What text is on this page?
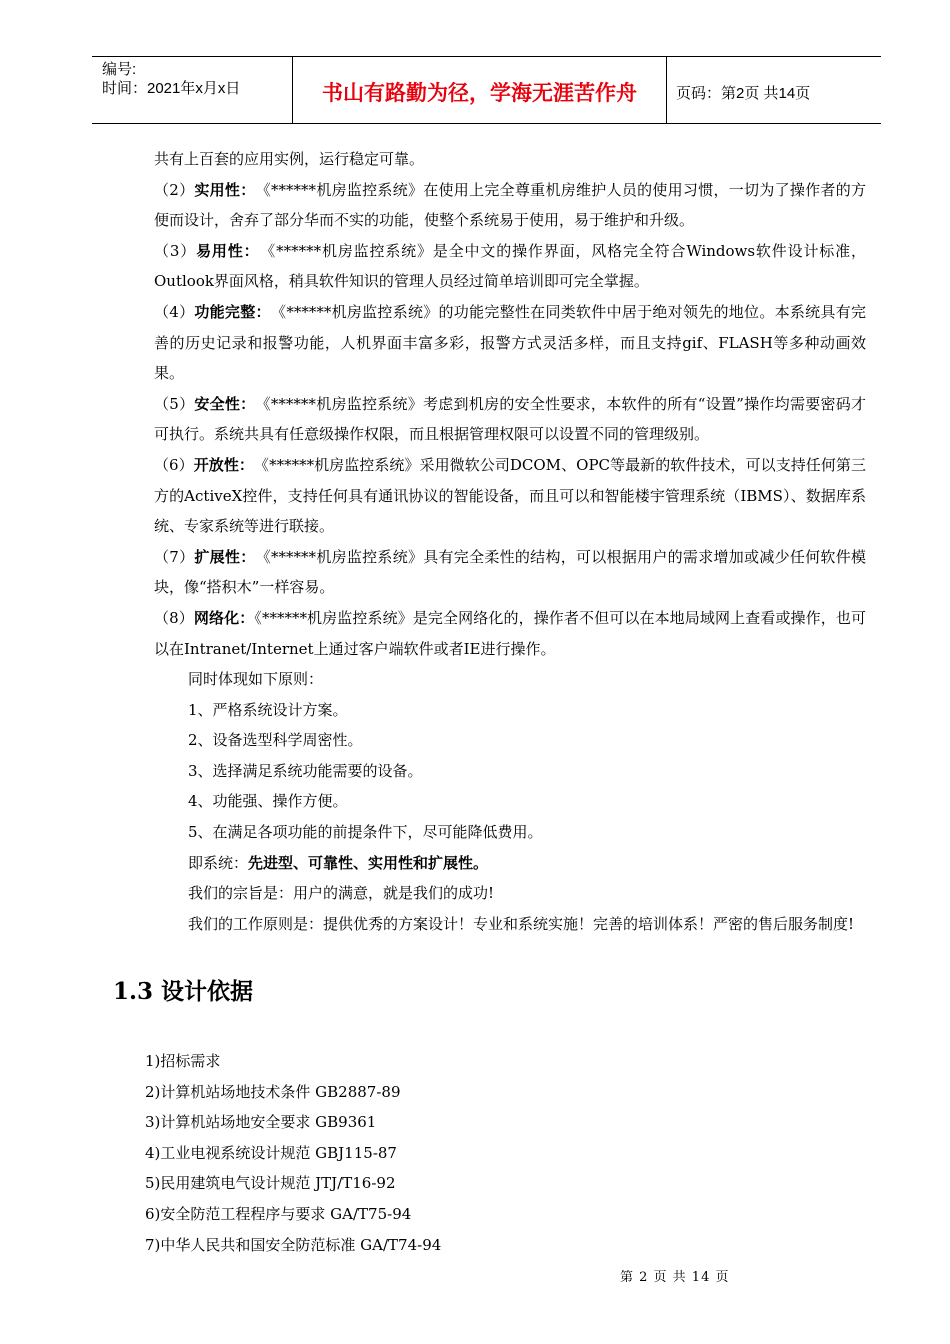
编号:
时间：2021年x月x日	书山有路勤为径，学海无涯苦作舟	页码：第2页 共14页

共有上百套的应用实例，运行稳定可靠。

（2）实用性：　 《******机房监控系统》在使用上完全尊重机房维护人员的使用习惯，一切为了操作者的方便而设计，舍弃了部分华而不实的功能，使整个系统易于使用，易于维护和升级。

（3）易用性：　 《******机房监控系统》是全中文的操作界面，风格完全符合Windows软件设计标准，Outlook界面风格，稍具软件知识的管理人员经过简单培训即可完全掌握。

（4）功能完整：　 《******机房监控系统》的功能完整性在同类软件中居于绝对领先的地位。本系统具有完善的历史记录和报警功能，人机界面丰富多彩，报警方式灵活多样，而且支持gif、FLASH等多种动画效果。

（5）安全性：　 《******机房监控系统》考虑到机房的安全性要求，本软件的所有“设置”操作均需要密码才可执行。系统共具有任意级操作权限，而且根据管理权限可以设置不同的管理级别。

（6）开放性：　 《******机房监控系统》采用微软公司DCOM、OPC等最新的软件技术，可以支持任何第三方的ActiveX控件，支持任何具有通讯协议的智能设备，而且可以和智能楼宇管理系统（IBMS）、数据库系统、专家系统等进行联接。

（7）扩展性：　 《******机房监控系统》具有完全柔性的结构，可以根据用户的需求增加或减少任何软件模块，像“搭积木”一样容易。

（8）网络化：《******机房监控系统》是完全网络化的，操作者不但可以在本地局域网上查看或操作，也可以在Intranet/Internet上通过客户端软件或者IE进行操作。

同时体现如下原则：

1、严格系统设计方案。

2、设备选型科学周密性。

3、选择满足系统功能需要的设备。

4、功能强、操作方便。

5、在满足各项功能的前提条件下，尽可能降低费用。

即系统：先进型、可靠性、实用性和扩展性。

我们的宗旨是：用户的满意，就是我们的成功!

我们的工作原则是：提供优秀的方案设计！专业和系统实施！完善的培训体系！严密的售后服务制度!

1.3 设计依据
1)招标需求
2)计算机站场地技术条件 GB2887-89
3)计算机站场地安全要求 GB9361
4)工业电视系统设计规范 GBJ115-87
5)民用建筑电气设计规范 JTJ/T16-92
6)安全防范工程程序与要求 GA/T75-94
7)中华人民共和国安全防范标准 GA/T74-94
第 2 页 共 14 页
